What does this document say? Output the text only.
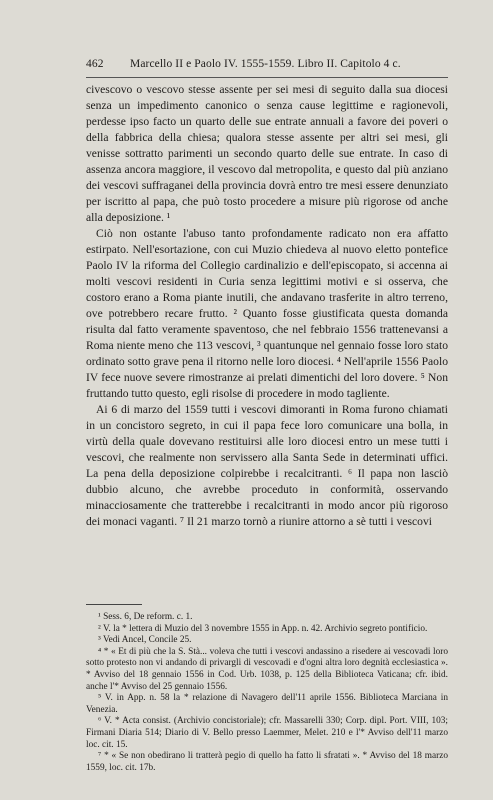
462	Marcello II e Paolo IV. 1555-1559. Libro II. Capitolo 4 c.

civescovo o vescovo stesse assente per sei mesi di seguito dalla sua diocesi senza un impedimento canonico o senza cause legittime e ragionevoli, perdesse ipso facto un quarto delle sue entrate annuali a favore dei poveri o della fabbrica della chiesa; qualora stesse assente per altri sei mesi, gli venisse sottratto parimenti un secondo quarto delle sue entrate. In caso di assenza ancora maggiore, il vescovo dal metropolita, e questo dal più anziano dei vescovi suffraganei della provincia dovrà entro tre mesi essere denunziato per iscritto al papa, che può tosto procedere a misure più rigorose od anche alla deposizione. ¹

Ciò non ostante l'abuso tanto profondamente radicato non era affatto estirpato. Nell'esortazione, con cui Muzio chiedeva al nuovo eletto pontefice Paolo IV la riforma del Collegio cardinalizio e dell'episcopato, si accenna ai molti vescovi residenti in Curia senza legittimi motivi e si osserva, che costoro erano a Roma piante inutili, che andavano trasferite in altro terreno, ove potrebbero recare frutto. ² Quanto fosse giustificata questa domanda risulta dal fatto veramente spaventoso, che nel febbraio 1556 trattenevansi a Roma niente meno che 113 vescovi, ³ quantunque nel gennaio fosse loro stato ordinato sotto grave pena il ritorno nelle loro diocesi. ⁴ Nell'aprile 1556 Paolo IV fece nuove severe rimostranze ai prelati dimentichi del loro dovere. ⁵ Non fruttando tutto questo, egli risolse di procedere in modo tagliente.

Ai 6 di marzo del 1559 tutti i vescovi dimoranti in Roma furono chiamati in un concistoro segreto, in cui il papa fece loro comunicare una bolla, in virtù della quale dovevano restituirsi alle loro diocesi entro un mese tutti i vescovi, che realmente non servissero alla Santa Sede in determinati uffici. La pena della deposizione colpirebbe i recalcitranti. ⁶ Il papa non lasciò dubbio alcuno, che avrebbe proceduto in conformità, osservando minacciosamente che tratterebbe i recalcitranti in modo ancor più rigoroso dei monaci vaganti. ⁷ Il 21 marzo tornò a riunire attorno a sè tutti i vescovi

¹ Sess. 6, De reform. c. 1.

² V. la * lettera di Muzio del 3 novembre 1555 in App. n. 42. Archivio segreto pontificio.

³ Vedi Ancel, Concile 25.

⁴ * « Et di più che la S. Stà... voleva che tutti i vescovi andassino a risedere ai vescovadi loro sotto protesto non vi andando di privargli di vescovadi e d'ogni altra loro degnità ecclesiastica ». * Avviso del 18 gennaio 1556 in Cod. Urb. 1038, p. 125 della Biblioteca Vaticana; cfr. ibid. anche l'* Avviso del 25 gennaio 1556.

⁵ V. in App. n. 58 la * relazione di Navagero dell'11 aprile 1556. Biblioteca Marciana in Venezia.

⁶ V. * Acta consist. (Archivio concistoriale); cfr. Massarelli 330; Corp. dipl. Port. VIII, 103; Firmani Diaria 514; Diario di V. Bello presso Laemmer, Melet. 210 e l'* Avviso dell'11 marzo loc. cit. 15.

⁷ * « Se non obedirano li tratterà pegio di quello ha fatto li sfratati ». * Avviso del 18 marzo 1559, loc. cit. 17b.
